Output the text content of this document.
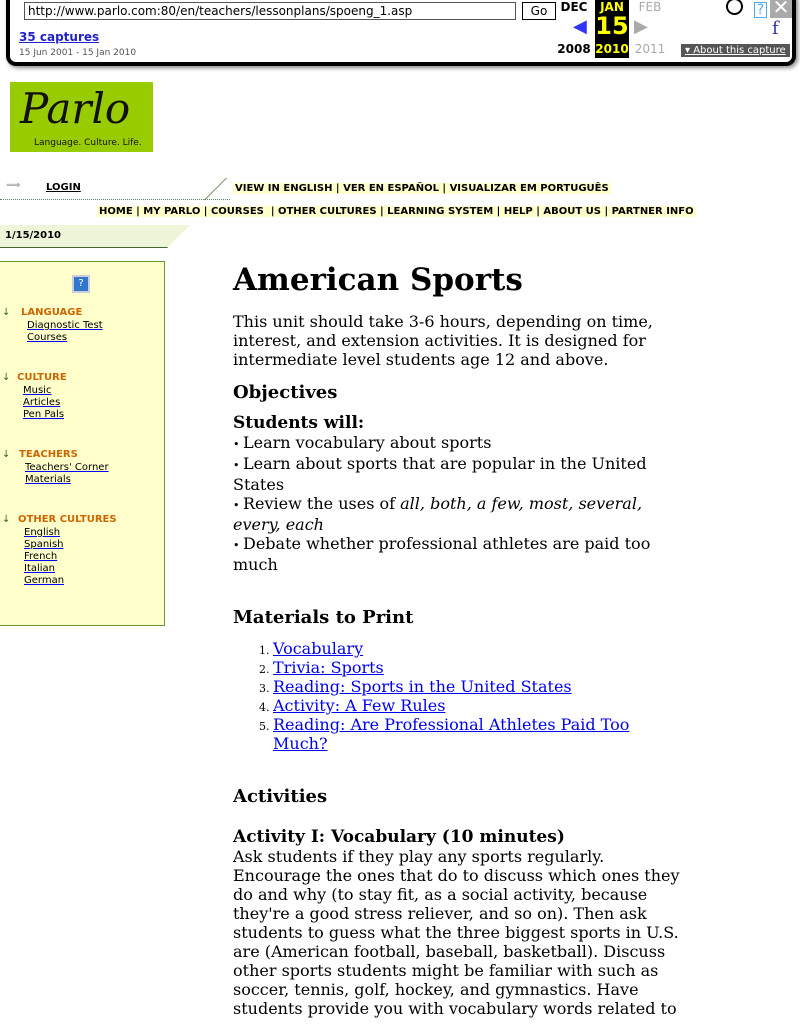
http://www.parlo.com:80/en/teachers/lessonplans/spoeng_1.asp
Go
35 captures
15 Jun 2001 - 15 Jan 2010
DEC	JAN	FEB
◀ 15 ▶
2008 2010 2011
? ✕
f
▾ About this capture
Parlo
Language. Culture. Life.
⟹	LOGIN	VIEW IN ENGLISH | VER EN ESPAÑOL | VISUALIZAR EM PORTUGUÊS
HOME | MY PARLO | COURSES  | OTHER CULTURES | LEARNING SYSTEM | HELP | ABOUT US | PARTNER INFO
1/15/2010
?
↓ LANGUAGE
Diagnostic Test
Courses
↓ CULTURE
Music
Articles
Pen Pals
↓ TEACHERS
Teachers' Corner
Materials
↓ OTHER CULTURES
English
Spanish
French
Italian
German
American Sports

This unit should take 3-6 hours, depending on time, interest, and extension activities. It is designed for intermediate level students age 12 and above.

Objectives
Students will:
• Learn vocabulary about sports
• Learn about sports that are popular in the United States
• Review the uses of all, both, a few, most, several, every, each
• Debate whether professional athletes are paid too much
Materials to Print
1. Vocabulary
2. Trivia: Sports
3. Reading: Sports in the United States
4. Activity: A Few Rules
5. Reading: Are Professional Athletes Paid Too Much?
Activities
Activity I: Vocabulary (10 minutes)

Ask students if they play any sports regularly. Encourage the ones that do to discuss which ones they do and why (to stay fit, as a social activity, because they're a good stress reliever, and so on). Then ask students to guess what the three biggest sports in U.S. are (American football, baseball, basketball). Discuss other sports students might be familiar with such as soccer, tennis, golf, hockey, and gymnastics. Have students provide you with vocabulary words related to
